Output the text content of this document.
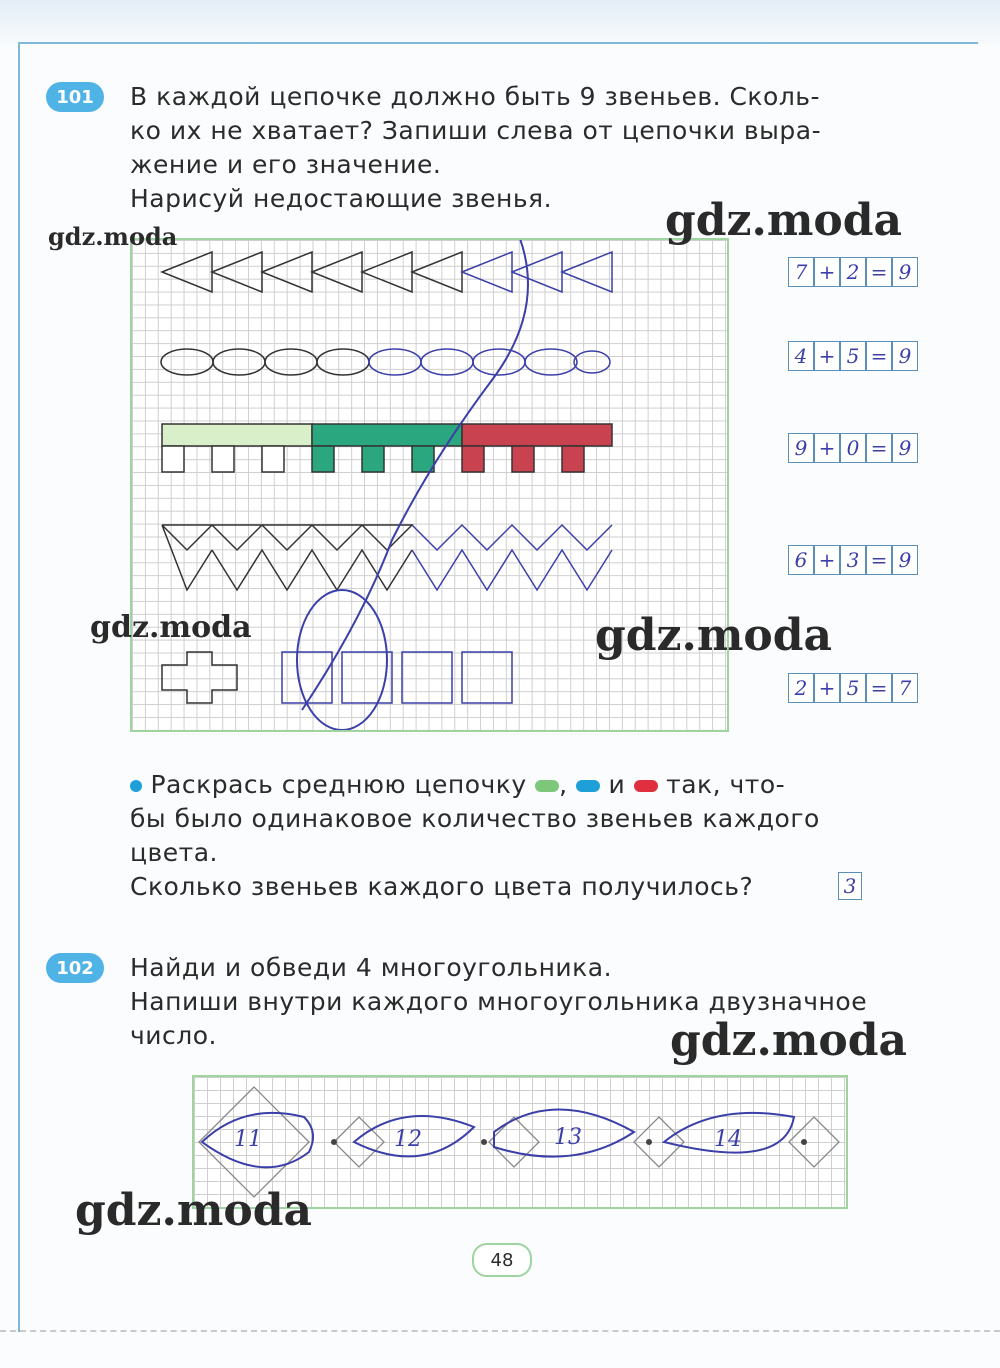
101	В каждой цепочке должно быть 9 звеньев. Сколь-
ко их не хватает? Запиши слева от цепочки выра-
жение и его значение.
Нарисуй недостающие звенья.
7 + 2 = 9
4 + 5 = 9
9 + 0 = 9
6 + 3 = 9
2 + 5 = 7
Раскрась среднюю цепочку , и так, что-
бы было одинаковое количество звеньев каждого
цвета.
Сколько звеньев каждого цвета получилось?	3
102	Найди и обведи 4 многоугольника.
Напиши внутри каждого многоугольника двузначное
число.
11	12	13	14
gdz.moda	gdz.moda
gdz.moda	gdz.moda
gdz.moda
gdz.moda
48
